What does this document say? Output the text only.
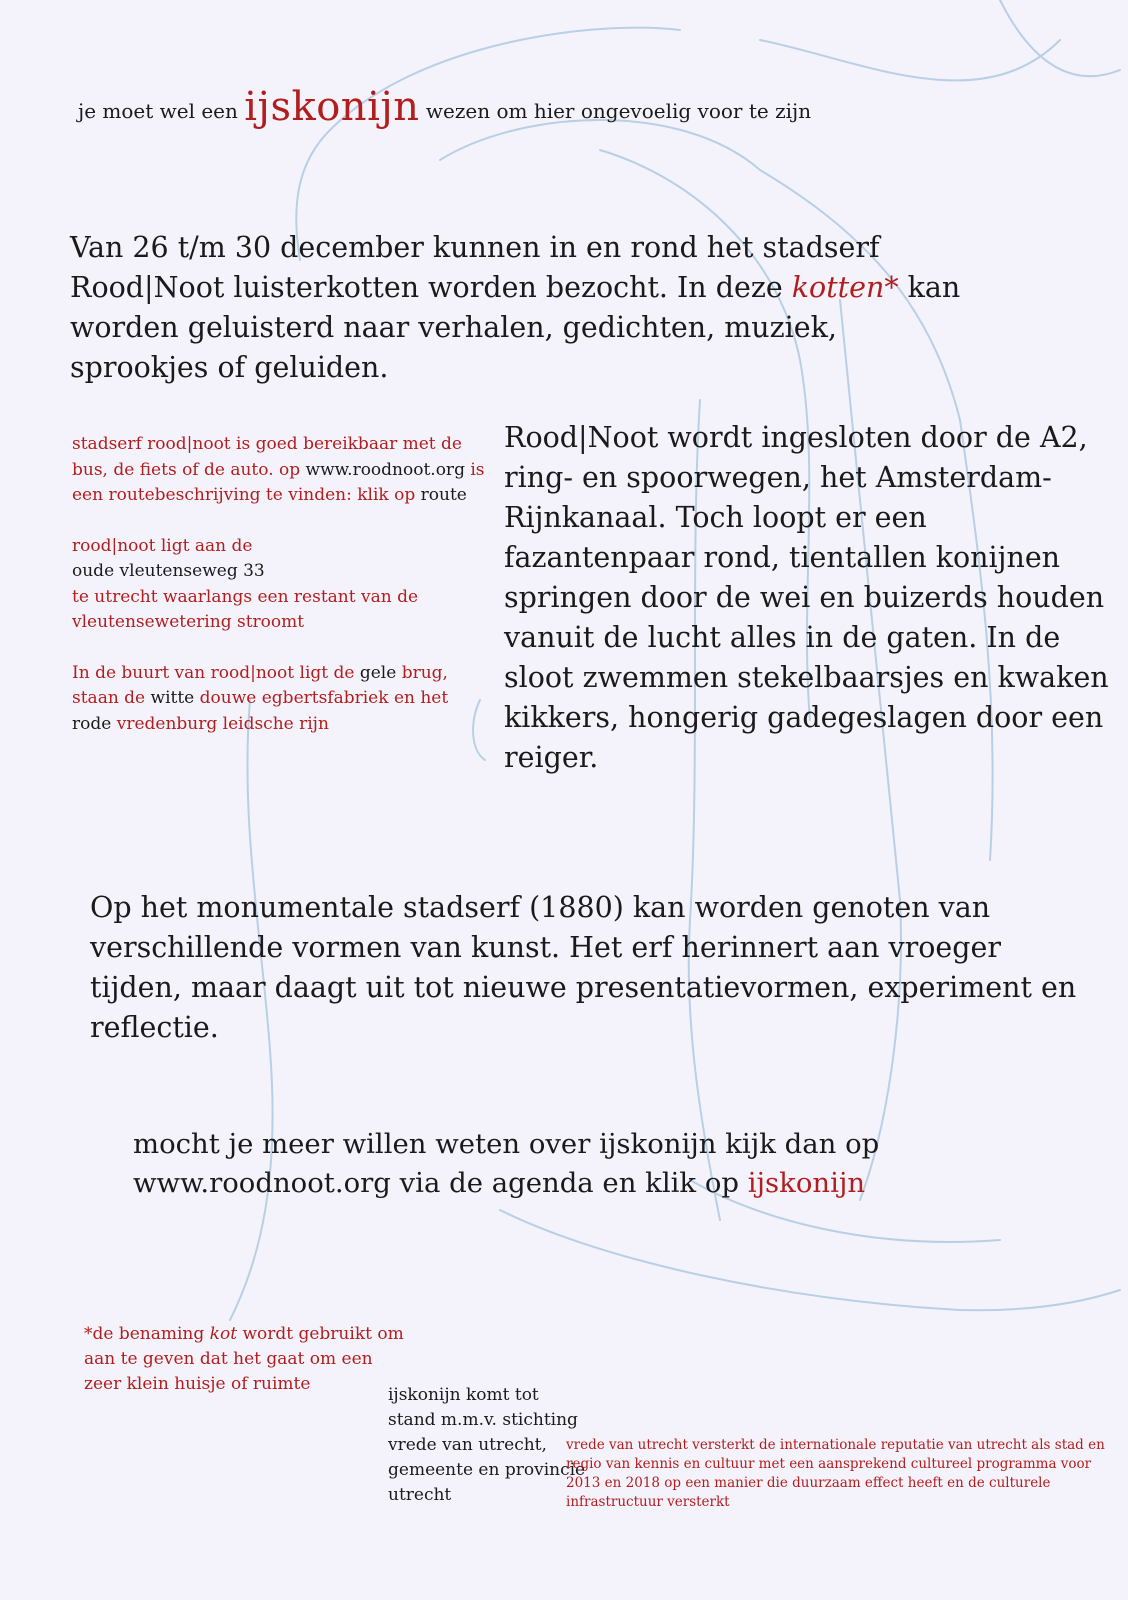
je moet wel een ijskonijn wezen om hier ongevoelig voor te zijn

Van 26 t/m 30 december kunnen in en rond het stadserf Rood|Noot luisterkotten worden bezocht. In deze kotten* kan worden geluisterd naar verhalen, gedichten, muziek, sprookjes of geluiden.

stadserf rood|noot is goed bereikbaar met de bus, de fiets of de auto. op www.roodnoot.org is een routebeschrijving te vinden: klik op route

rood|noot ligt aan de
oude vleutenseweg 33
te utrecht waarlangs een restant van de vleutensewetering stroomt

In de buurt van rood|noot ligt de gele brug, staan de witte douwe egbertsfabriek en het rode vredenburg leidsche rijn

Rood|Noot wordt ingesloten door de A2, ring- en spoorwegen, het Amsterdam-Rijnkanaal. Toch loopt er een fazantenpaar rond, tientallen konijnen springen door de wei en buizerds houden vanuit de lucht alles in de gaten. In de sloot zwemmen stekelbaarsjes en kwaken kikkers, hongerig gadegeslagen door een reiger.

Op het monumentale stadserf (1880) kan worden genoten van verschillende vormen van kunst. Het erf herinnert aan vroeger tijden, maar daagt uit tot nieuwe presentatievormen, experiment en reflectie.

mocht je meer willen weten over ijskonijn kijk dan op
www.roodnoot.org via de agenda en klik op ijskonijn

*de benaming kot wordt gebruikt om aan te geven dat het gaat om een zeer klein huisje of ruimte

ijskonijn komt tot stand m.m.v. stichting vrede van utrecht, gemeente en provincie utrecht

vrede van utrecht versterkt de internationale reputatie van utrecht als stad en regio van kennis en cultuur met een aansprekend cultureel programma voor 2013 en 2018 op een manier die duurzaam effect heeft en de culturele infrastructuur versterkt
